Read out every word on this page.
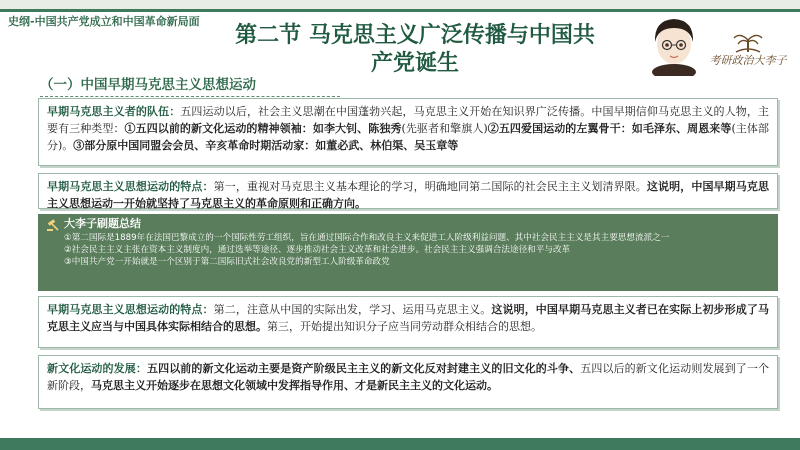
史纲-中国共产党成立和中国革命新局面
第二节 马克思主义广泛传播与中国共
产党诞生	考研政治大李子
（一）中国早期马克思主义思想运动
早期马克思主义者的队伍：五四运动以后，社会主义思潮在中国蓬勃兴起，马克思主义开始在知识界广泛传播。中国早期信仰马克思主义的人物，主要有三种类型：①五四以前的新文化运动的精神领袖：如李大钊、陈独秀(先驱者和擎旗人)②五四爱国运动的左翼骨干：如毛泽东、周恩来等(主体部分)。③部分原中国同盟会会员、辛亥革命时期活动家：如董必武、林伯渠、吴玉章等
早期马克思主义思想运动的特点：第一，重视对马克思主义基本理论的学习，明确地同第二国际的社会民主主义划清界限。这说明，中国早期马克思主义思想运动一开始就坚持了马克思主义的革命原则和正确方向。
大李子刷题总结
①第二国际是1889年在法国巴黎成立的一个国际性劳工组织，旨在通过国际合作和改良主义来促进工人阶级利益问题、其中社会民主主义是其主要思想流派之一
②社会民主主义主张在资本主义制度内，通过选举等途径、逐步推动社会主义改革和社会进步。社会民主主义强调合法途径和平与改革
③中国共产党一开始就是一个区别于第二国际旧式社会改良党的新型工人阶级革命政党
早期马克思主义思想运动的特点：第二，注意从中国的实际出发，学习、运用马克思主义。这说明，中国早期马克思主义者已在实际上初步形成了马克思主义应当与中国具体实际相结合的思想。第三，开始提出知识分子应当同劳动群众相结合的思想。
新文化运动的发展：五四以前的新文化运动主要是资产阶级民主主义的新文化反对封建主义的旧文化的斗争、五四以后的新文化运动则发展到了一个新阶段，马克思主义开始逐步在思想文化领域中发挥指导作用、才是新民主主义的文化运动。
